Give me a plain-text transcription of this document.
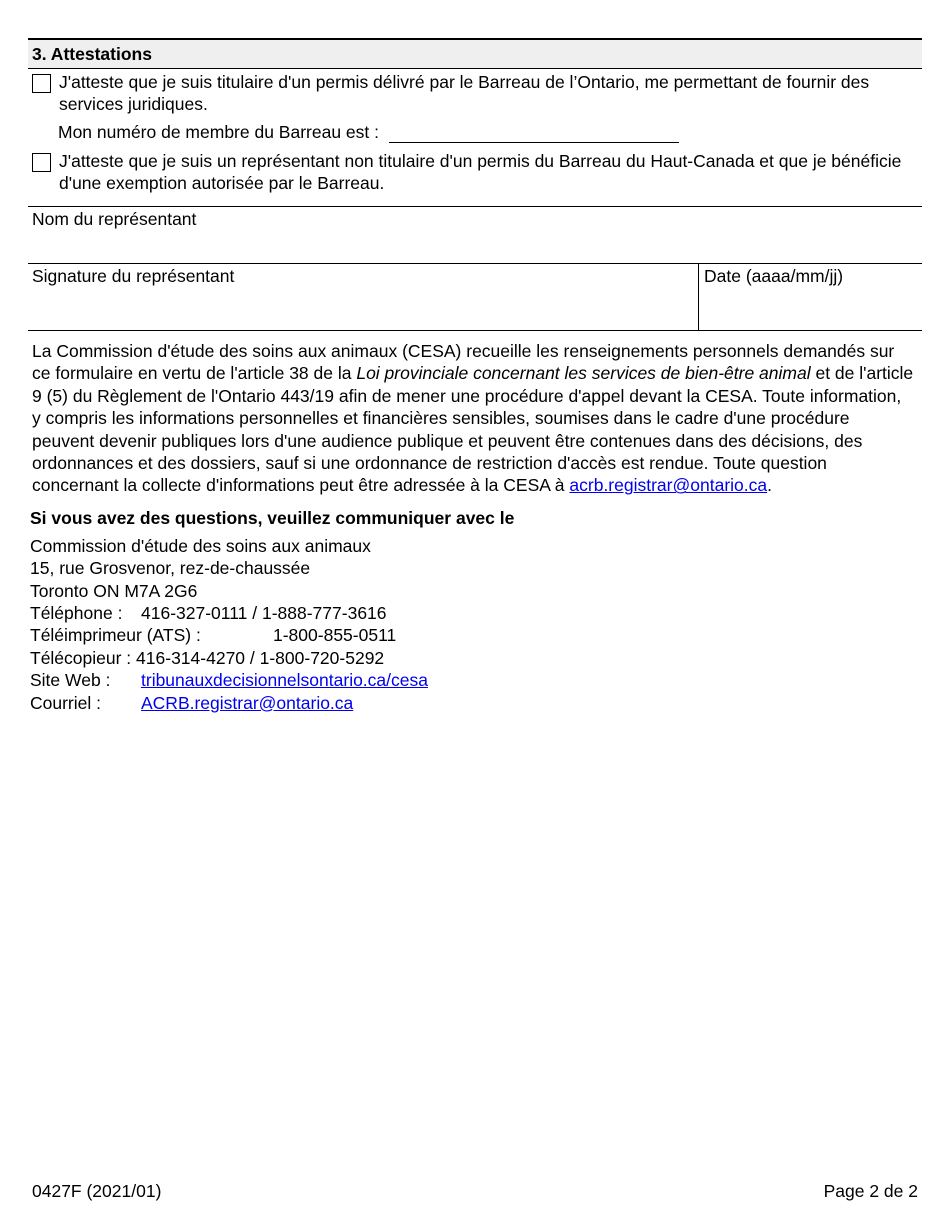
3. Attestations
J'atteste que je suis titulaire d'un permis délivré par le Barreau de l’Ontario, me permettant de fournir des services juridiques.
Mon numéro de membre du Barreau est :
J'atteste que je suis un représentant non titulaire d'un permis du Barreau du Haut-Canada et que je bénéficie d'une exemption autorisée par le Barreau.
Nom du représentant
Signature du représentant	Date (aaaa/mm/jj)
La Commission d'étude des soins aux animaux (CESA) recueille les renseignements personnels demandés sur ce formulaire en vertu de l'article 38 de la Loi provinciale concernant les services de bien-être animal et de l'article 9 (5) du Règlement de l'Ontario 443/19 afin de mener une procédure d'appel devant la CESA. Toute information, y compris les informations personnelles et financières sensibles, soumises dans le cadre d'une procédure peuvent devenir publiques lors d'une audience publique et peuvent être contenues dans des décisions, des ordonnances et des dossiers, sauf si une ordonnance de restriction d'accès est rendue. Toute question concernant la collecte d'informations peut être adressée à la CESA à acrb.registrar@ontario.ca.
Si vous avez des questions, veuillez communiquer avec le
Commission d'étude des soins aux animaux
15, rue Grosvenor, rez-de-chaussée
Toronto ON M7A 2G6
Téléphone :	416-327-0111 / 1-888-777-3616
Téléimprimeur (ATS) :	1-800-855-0511
Télécopieur : 416-314-4270 / 1-800-720-5292
Site Web :	tribunauxdecisionnelsontario.ca/cesa
Courriel :	ACRB.registrar@ontario.ca
0427F (2021/01)	Page 2 de 2
